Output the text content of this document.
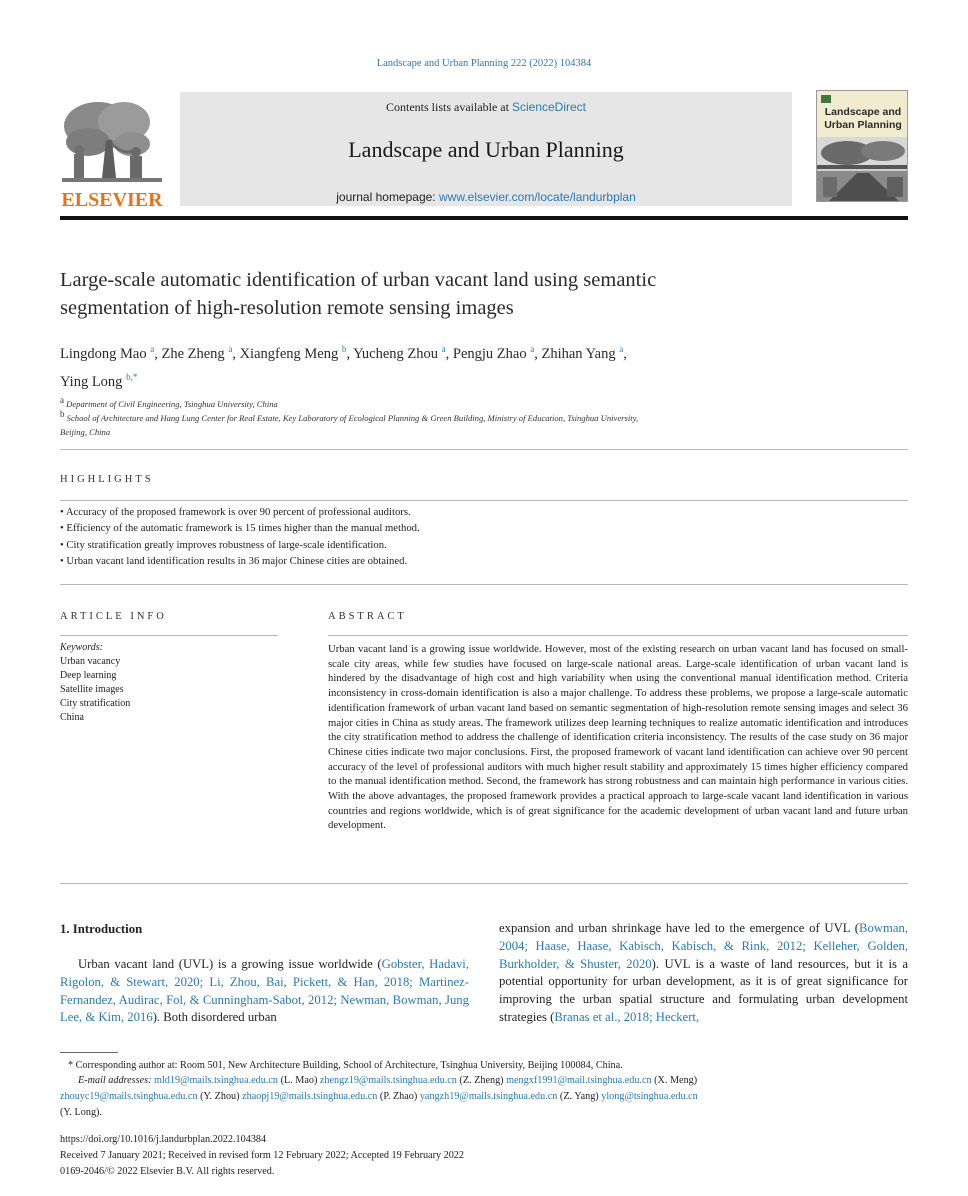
Landscape and Urban Planning 222 (2022) 104384
ELSEVIER
Contents lists available at ScienceDirect
Landscape and Urban Planning
journal homepage: www.elsevier.com/locate/landurbplan
Landscape and Urban Planning
Large-scale automatic identification of urban vacant land using semantic
segmentation of high-resolution remote sensing images
Lingdong Mao $^a$, Zhe Zheng $^a$, Xiangfeng Meng $^b$, Yucheng Zhou $^a$, Pengju Zhao $^a$, Zhihan Yang $^a$,
Ying Long $^{b,*}$
$^a$ Department of Civil Engineering, Tsinghua University, China
$^b$ School of Architecture and Hang Lung Center for Real Estate, Key Laboratory of Ecological Planning & Green Building, Ministry of Education, Tsinghua University,
Beijing, China
HIGHLIGHTS
• Accuracy of the proposed framework is over 90 percent of professional auditors.
• Efficiency of the automatic framework is 15 times higher than the manual method.
• City stratification greatly improves robustness of large-scale identification.
• Urban vacant land identification results in 36 major Chinese cities are obtained.
ARTICLE INFO
Keywords:
Urban vacancy
Deep learning
Satellite images
City stratification
China
ABSTRACT
Urban vacant land is a growing issue worldwide. However, most of the existing research on urban vacant land has focused on small-scale city areas, while few studies have focused on large-scale national areas. Large-scale identification of urban vacant land is hindered by the disadvantage of high cost and high variability when using the conventional manual identification method. Criteria inconsistency in cross-domain identification is also a major challenge. To address these problems, we propose a large-scale automatic identification framework of urban vacant land based on semantic segmentation of high-resolution remote sensing images and select 36 major cities in China as study areas. The framework utilizes deep learning techniques to realize automatic identification and introduces the city stratification method to address the challenge of identification criteria inconsistency. The results of the case study on 36 major Chinese cities indicate two major conclusions. First, the proposed framework of vacant land identification can achieve over 90 percent accuracy of the level of professional auditors with much higher result stability and approximately 15 times higher efficiency compared to the manual identification method. Second, the framework has strong robustness and can maintain high performance in various cities. With the above advantages, the proposed framework provides a practical approach to large-scale vacant land identification in various countries and regions worldwide, which is of great significance for the academic development of urban vacant land and future urban development.
1. Introduction
Urban vacant land (UVL) is a growing issue worldwide (Gobster, Hadavi, Rigolon, & Stewart, 2020; Li, Zhou, Bai, Pickett, & Han, 2018; Martinez-Fernandez, Audirac, Fol, & Cunningham-Sabot, 2012; Newman, Bowman, Jung Lee, & Kim, 2016). Both disordered urban
expansion and urban shrinkage have led to the emergence of UVL (Bowman, 2004; Haase, Haase, Kabisch, Kabisch, & Rink, 2012; Kelleher, Golden, Burkholder, & Shuster, 2020). UVL is a waste of land resources, but it is a potential opportunity for urban development, as it is of great significance for improving the urban spatial structure and formulating urban development strategies (Branas et al., 2018; Heckert,
* Corresponding author at: Room 501, New Architecture Building, School of Architecture, Tsinghua University, Beijing 100084, China.
E-mail addresses: mld19@mails.tsinghua.edu.cn (L. Mao) zhengz19@mails.tsinghua.edu.cn (Z. Zheng) mengxf1991@mail.tsinghua.edu.cn (X. Meng)
zhouyc19@mails.tsinghua.edu.cn (Y. Zhou) zhaopj19@mails.tsinghua.edu.cn (P. Zhao) yangzh19@mails.tsinghua.edu.cn (Z. Yang) ylong@tsinghua.edu.cn
(Y. Long).
https://doi.org/10.1016/j.landurbplan.2022.104384
Received 7 January 2021; Received in revised form 12 February 2022; Accepted 19 February 2022
0169-2046/© 2022 Elsevier B.V. All rights reserved.
